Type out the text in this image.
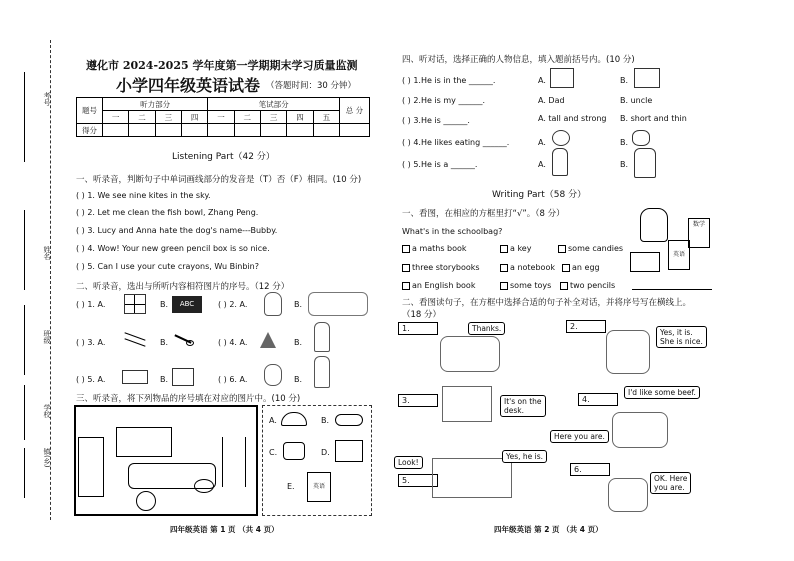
考号
姓名
班级
学校
镇(乡)
遵化市 2024-2025 学年度第一学期期末学习质量监测
小学四年级英语试卷 （答题时间：30 分钟）
题号	听力部分				笔试部分					总 分
	一	二	三	四	一	二	三	四	五	
得分										
Listening Part（42 分）
一、听录音，判断句子中单词画线部分的发音是（T）否（F）相同。(10 分)
( ) 1. We see nine kites in the sky.
( ) 2. Let me clean the fish bowl, Zhang Peng.
( ) 3. Lucy and Anna hate the dog's name---Bubby.
( ) 4. Wow! Your new green pencil box is so nice.
( ) 5. Can I use your cute crayons, Wu Binbin?
二、听录音，选出与所听内容相符图片的序号。（12 分）
( ) 1. A.	B.	ABC	( ) 2. A.	B.
( ) 3. A.	B.	( ) 4. A.	B.
( ) 5. A.	B.	( ) 6. A.	B.
三、听录音，将下列物品的序号填在对应的图片中。(10 分)
A.	B.
C.	D.
E.	英语
四、听对话，选择正确的人物信息，填入题前括号内。(10 分)
( ) 1.He is in the ______.	A.	B.
( ) 2.He is my ______.	A. Dad	B. uncle
( ) 3.He is ______.	A. tall and strong B. short and thin
( ) 4.He likes eating ______.	A.	B.
( ) 5.He is a ______.	A.	B.
Writing Part（58 分）
一、看图，在相应的方框里打“√”。（8 分）
What's in the schoolbag?
a maths book	a key	some candies
three storybooks	a notebook	an egg
an English book	some toys	two pencils
数学
英语
二、看图读句子，在方框中选择合适的句子补全对话，并将序号写在横线上。
（18 分）
1.	Thanks.	2.
Yes, it is.
She is nice.
3.	It's on the
desk.
4.
I'd like some beef.
Here you are.
Look!
5.
Yes, he is.
6.
OK. Here
you are.
四年级英语 第 1 页 （共 4 页）	四年级英语 第 2 页 （共 4 页）
